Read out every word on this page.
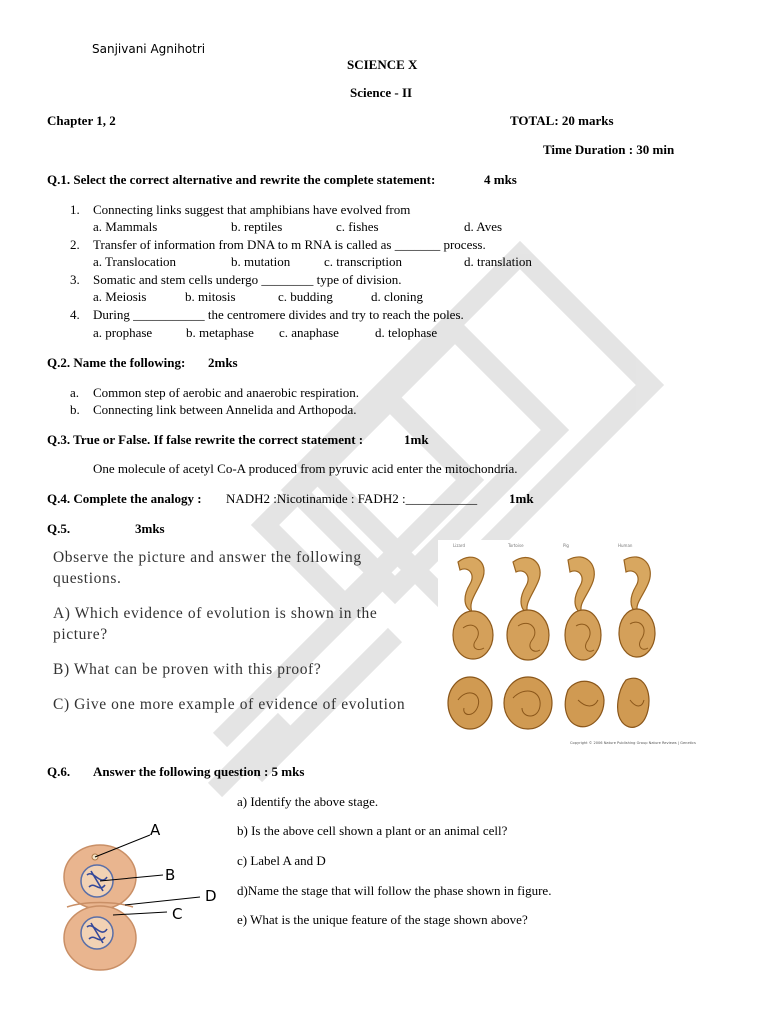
Sanjivani Agnihotri
SCIENCE X
Science - II
Chapter 1, 2	TOTAL: 20 marks
Time Duration : 30 min
Q.1. Select the correct alternative and rewrite the complete statement:	4 mks
1. Connecting links suggest that amphibians have evolved from
a. Mammals	b. reptiles	c. fishes	d. Aves
2. Transfer of information from DNA to m RNA is called as _______ process.
a. Translocation	b. mutation	c. transcription	d. translation
3. Somatic and stem cells undergo ________ type of division.
a. Meiosis	b. mitosis	c. budding	d. cloning
4. During ___________ the centromere divides and try to reach the poles.
a. prophase	b. metaphase c. anaphase	d. telophase
Q.2. Name the following: 2mks
a. Common step of aerobic and anaerobic respiration.
b. Connecting link between Annelida and Arthopoda.
Q.3. True or False. If false rewrite the correct statement :	1mk
One molecule of acetyl Co-A produced from pyruvic acid enter the mitochondria.
Q.4. Complete the analogy : NADH2 :Nicotinamide : FADH2 :___________ 1mk
Q.5.	3mks

Observe the picture and answer the following questions.

A) Which evidence of evolution is shown in the picture?

B) What can be proven with this proof?

C) Give one more example of evidence of evolution

Lizard	Tortoise	Pig	Human
Copyright © 2006 Nature Publishing Group Nature Reviews | Genetics
Q.6. Answer the following question : 5 mks
a) Identify the above stage.
b) Is the above cell shown a plant or an animal cell?
c) Label A and D
d)Name the stage that will follow the phase shown in figure.
e) What is the unique feature of the stage shown above?
A
B
D
C
